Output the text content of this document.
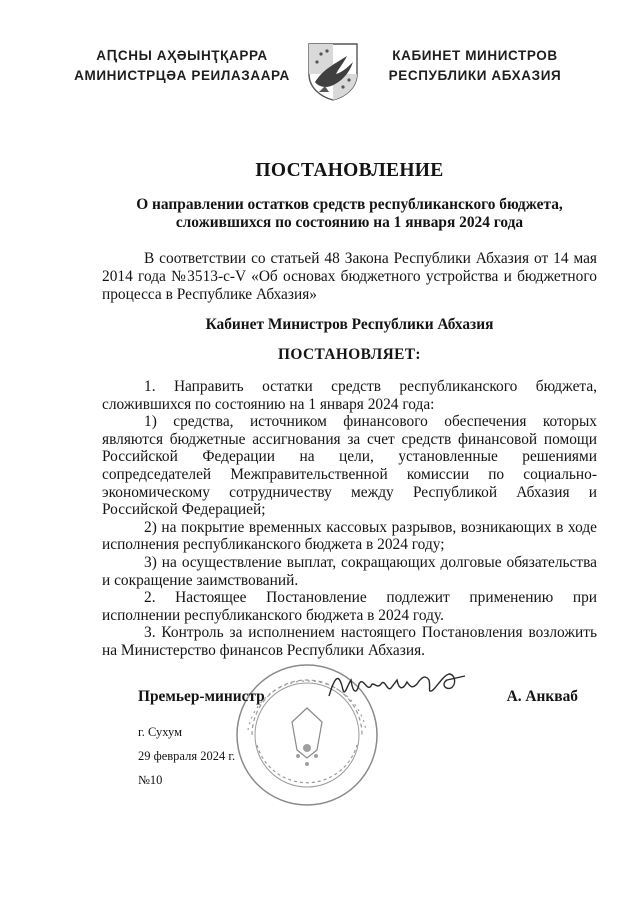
АԤСНЫ АҲӘЫНҬҚАРРА
АМИНИСТРЦӘА РЕИЛАЗААРА
КАБИНЕТ МИНИСТРОВ
РЕСПУБЛИКИ АБХАЗИЯ
ПОСТАНОВЛЕНИЕ
О направлении остатков средств республиканского бюджета,
сложившихся по состоянию на 1 января 2024 года
В соответствии со статьей 48 Закона Республики Абхазия от 14 мая 2014 года №3513-с-V «Об основах бюджетного устройства и бюджетного процесса в Республике Абхазия»
Кабинет Министров Республики Абхазия
ПОСТАНОВЛЯЕТ:

1. Направить остатки средств республиканского бюджета, сложившихся по состоянию на 1 января 2024 года:

1) средства, источником финансового обеспечения которых являются бюджетные ассигнования за счет средств финансовой помощи Российской Федерации на цели, установленные решениями сопредседателей Межправительственной комиссии по социально-экономическому сотрудничеству между Республикой Абхазия и Российской Федерацией;

2) на покрытие временных кассовых разрывов, возникающих в ходе исполнения республиканского бюджета в 2024 году;

3) на осуществление выплат, сокращающих долговые обязательства и сокращение заимствований.

2. Настоящее Постановление подлежит применению при исполнении республиканского бюджета в 2024 году.

3. Контроль за исполнением настоящего Постановления возложить на Министерство финансов Республики Абхазия.

Премьер-министр	А. Анкваб
г. Сухум
29 февраля 2024 г.
№10
